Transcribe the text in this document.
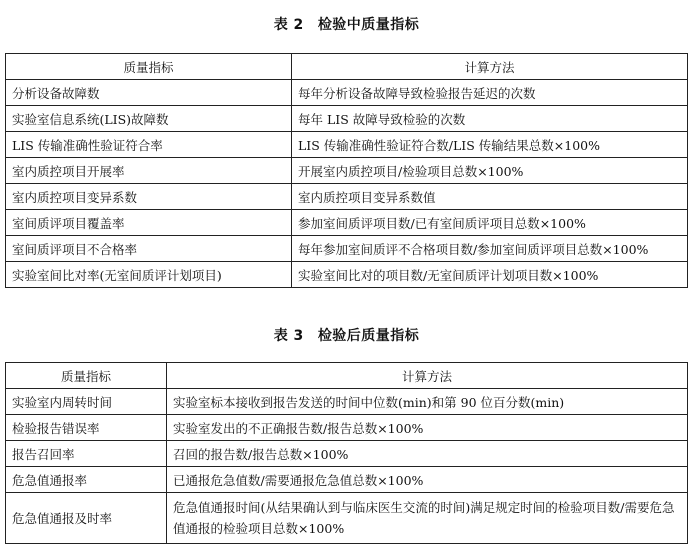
表 2 检验中质量指标
质量指标	计算方法
分析设备故障数	每年分析设备故障导致检验报告延迟的次数
实验室信息系统(LIS)故障数	每年 LIS 故障导致检验的次数
LIS 传输准确性验证符合率	LIS 传输准确性验证符合数/LIS 传输结果总数×100%
室内质控项目开展率	开展室内质控项目/检验项目总数×100%
室内质控项目变异系数	室内质控项目变异系数值
室间质评项目覆盖率	参加室间质评项目数/已有室间质评项目总数×100%
室间质评项目不合格率	每年参加室间质评不合格项目数/参加室间质评项目总数×100%
实验室间比对率(无室间质评计划项目)	实验室间比对的项目数/无室间质评计划项目数×100%
表 3 检验后质量指标
质量指标	计算方法
实验室内周转时间	实验室标本接收到报告发送的时间中位数(min)和第 90 位百分数(min)
检验报告错误率	实验室发出的不正确报告数/报告总数×100%
报告召回率	召回的报告数/报告总数×100%
危急值通报率	已通报危急值数/需要通报危急值总数×100%
危急值通报及时率	危急值通报时间(从结果确认到与临床医生交流的时间)满足规定时间的检验项目数/需要危急值通报的检验项目总数×100%
